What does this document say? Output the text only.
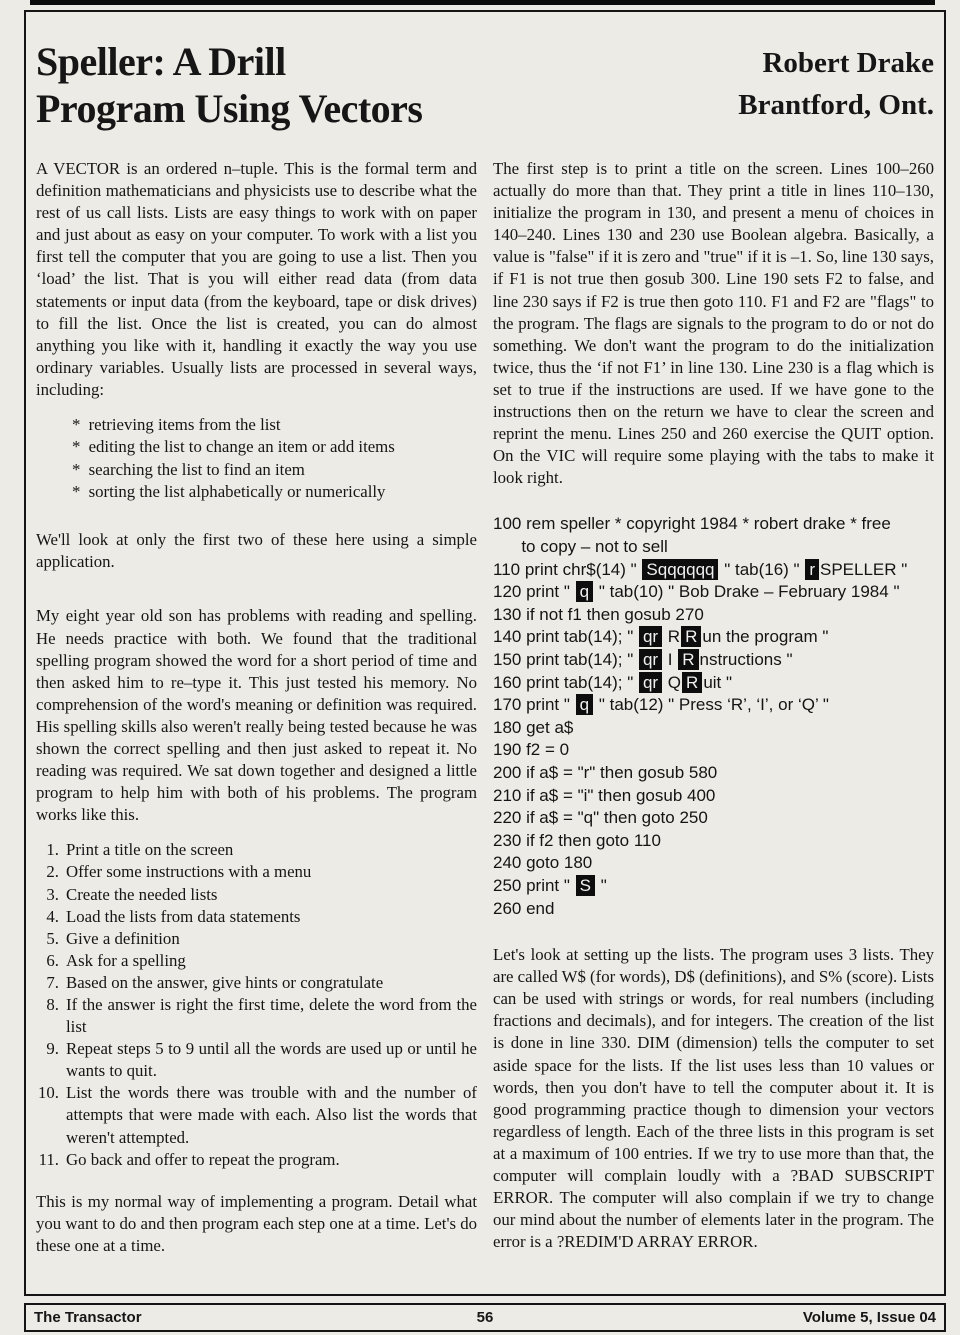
Speller: A Drill
Program Using Vectors
Robert Drake
Brantford, Ont.

A VECTOR is an ordered n–tuple. This is the formal term and definition mathematicians and physicists use to describe what the rest of us call lists. Lists are easy things to work with on paper and just about as easy on your computer. To work with a list you first tell the computer that you are going to use a list. Then you ‘load’ the list. That is you will either read data (from data statements or input data (from the keyboard, tape or disk drives) to fill the list. Once the list is created, you can do almost anything you like with it, handling it exactly the way you use ordinary variables. Usually lists are processed in several ways, including:

* retrieving items from the list
* editing the list to change an item or add items
* searching the list to find an item
* sorting the list alphabetically or numerically

We'll look at only the first two of these here using a simple application.

My eight year old son has problems with reading and spelling. He needs practice with both. We found that the traditional spelling program showed the word for a short period of time and then asked him to re–type it. This just tested his memory. No comprehension of the word's meaning or definition was required. His spelling skills also weren't really being tested because he was shown the correct spelling and then just asked to repeat it. No reading was required. We sat down together and designed a little program to help him with both of his problems. The program works like this.

1. Print a title on the screen
2. Offer some instructions with a menu
3. Create the needed lists
4. Load the lists from data statements
5. Give a definition
6. Ask for a spelling
7. Based on the answer, give hints or congratulate
8. If the answer is right the first time, delete the word from the list
9. Repeat steps 5 to 9 until all the words are used up or until he wants to quit.
10. List the words there was trouble with and the number of attempts that were made with each. Also list the words that weren't attempted.
11. Go back and offer to repeat the program.

This is my normal way of implementing a program. Detail what you want to do and then program each step one at a time. Let's do these one at a time.

The first step is to print a title on the screen. Lines 100–260 actually do more than that. They print a title in lines 110–130, initialize the program in 130, and present a menu of choices in 140–240. Lines 130 and 230 use Boolean algebra. Basically, a value is "false" if it is zero and "true" if it is –1. So, line 130 says, if F1 is not true then gosub 300. Line 190 sets F2 to false, and line 230 says if F2 is true then goto 110. F1 and F2 are "flags" to the program. The flags are signals to the program to do or not do something. We don't want the program to do the initialization twice, thus the ‘if not F1’ in line 130. Line 230 is a flag which is set to true if the instructions are used. If we have gone to the instructions then on the return we have to clear the screen and reprint the menu. Lines 250 and 260 exercise the QUIT option. On the VIC will require some playing with the tabs to make it look right.

100 rem speller * copyright 1984 * robert drake * free
to copy – not to sell
110 print chr$(14) " Sqqqqqq " tab(16) " r SPELLER "
120 print " q " tab(10) " Bob Drake – February 1984 "
130 if not f1 then gosub 270
140 print tab(14); " qr R R un the program "
150 print tab(14); " qr I R nstructions "
160 print tab(14); " qr Q R uit "
170 print " q " tab(12) " Press ‘R’, ‘I’, or ‘Q’ "
180 get a$
190 f2 = 0
200 if a$ = "r" then gosub 580
210 if a$ = "i" then gosub 400
220 if a$ = "q" then goto 250
230 if f2 then goto 110
240 goto 180
250 print " S "
260 end

Let's look at setting up the lists. The program uses 3 lists. They are called W$ (for words), D$ (definitions), and S% (score). Lists can be used with strings or words, for real numbers (including fractions and decimals), and for integers. The creation of the list is done in line 330. DIM (dimension) tells the computer to set aside space for the lists. If the list uses less than 10 values or words, then you don't have to tell the computer about it. It is good programming practice though to dimension your vectors regardless of length. Each of the three lists in this program is set at a maximum of 100 entries. If we try to use more than that, the computer will complain loudly with a ?BAD SUBSCRIPT ERROR. The computer will also complain if we try to change our mind about the number of elements later in the program. The error is a ?REDIM'D ARRAY ERROR.

The Transactor	56	Volume 5, Issue 04
